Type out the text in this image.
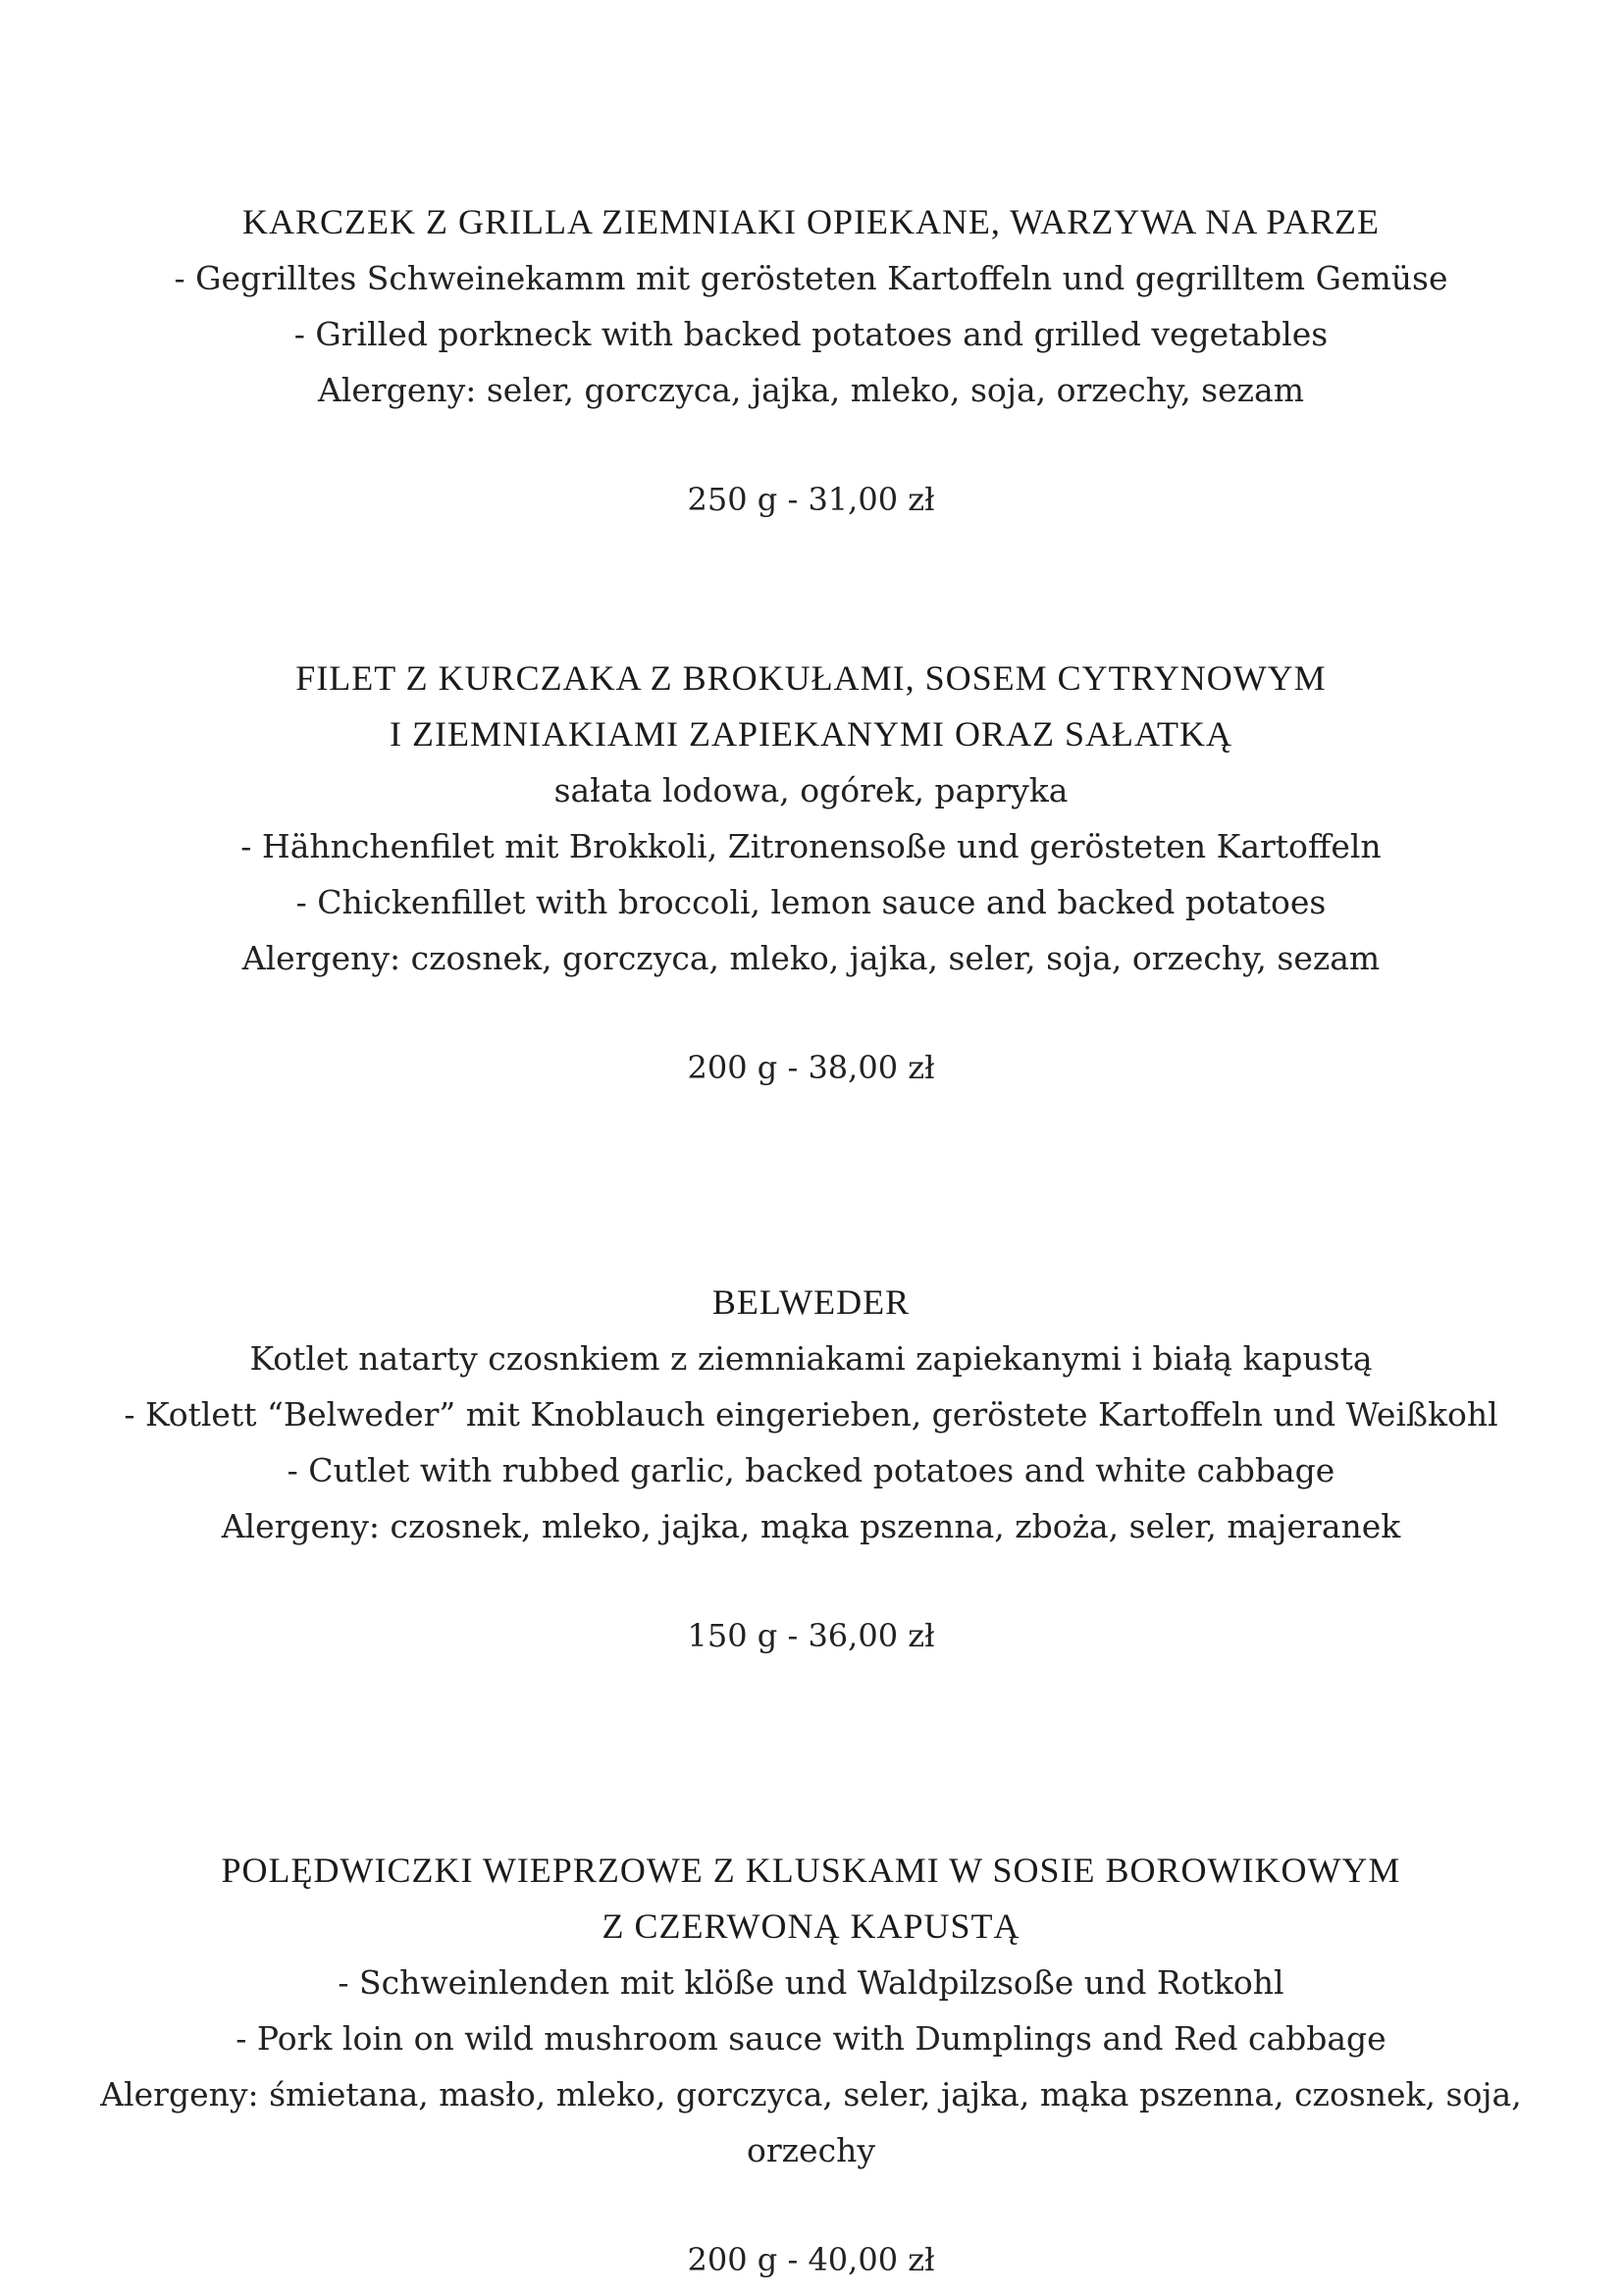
KARCZEK Z GRILLA ZIEMNIAKI OPIEKANE, WARZYWA NA PARZE
- Gegrilltes Schweinekamm mit gerösteten Kartoffeln und gegrilltem Gemüse
- Grilled porkneck with backed potatoes and grilled vegetables
Alergeny: seler, gorczyca, jajka, mleko, soja, orzechy, sezam
250 g - 31,00 zł
FILET Z KURCZAKA Z BROKUŁAMI, SOSEM CYTRYNOWYM
I ZIEMNIAKIAMI ZAPIEKANYMI ORAZ SAŁATKĄ
sałata lodowa, ogórek, papryka
- Hähnchenfilet mit Brokkoli, Zitronensoße und gerösteten Kartoffeln
- Chickenfillet with broccoli, lemon sauce and backed potatoes
Alergeny: czosnek, gorczyca, mleko, jajka, seler, soja, orzechy, sezam
200 g - 38,00 zł
BELWEDER
Kotlet natarty czosnkiem z ziemniakami zapiekanymi i białą kapustą
- Kotlett “Belweder” mit Knoblauch eingerieben, geröstete Kartoffeln und Weißkohl
- Cutlet with rubbed garlic, backed potatoes and white cabbage
Alergeny: czosnek, mleko, jajka, mąka pszenna, zboża, seler, majeranek
150 g - 36,00 zł
POLĘDWICZKI WIEPRZOWE Z KLUSKAMI W SOSIE BOROWIKOWYM
Z CZERWONĄ KAPUSTĄ
- Schweinlenden mit klöße und Waldpilzsoße und Rotkohl
- Pork loin on wild mushroom sauce with Dumplings and Red cabbage
Alergeny: śmietana, masło, mleko, gorczyca, seler, jajka, mąka pszenna, czosnek, soja,
orzechy
200 g - 40,00 zł
